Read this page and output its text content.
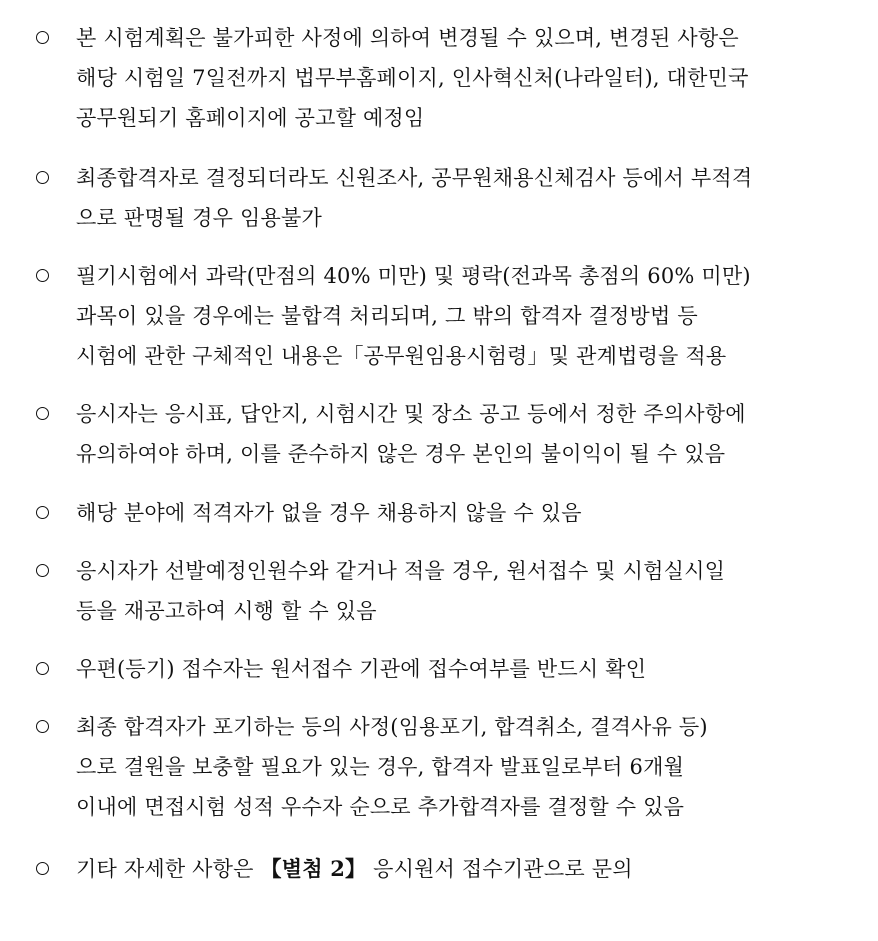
본 시험계획은 불가피한 사정에 의하여 변경될 수 있으며, 변경된 사항은
해당 시험일 7일전까지 법무부홈페이지, 인사혁신처(나라일터), 대한민국
공무원되기 홈페이지에 공고할 예정임
최종합격자로 결정되더라도 신원조사, 공무원채용신체검사 등에서 부적격
으로 판명될 경우 임용불가
필기시험에서 과락(만점의 40% 미만) 및 평락(전과목 총점의 60% 미만)
과목이 있을 경우에는 불합격 처리되며, 그 밖의 합격자 결정방법 등
시험에 관한 구체적인 내용은「공무원임용시험령」및 관계법령을 적용
응시자는 응시표, 답안지, 시험시간 및 장소 공고 등에서 정한 주의사항에
유의하여야 하며, 이를 준수하지 않은 경우 본인의 불이익이 될 수 있음
해당 분야에 적격자가 없을 경우 채용하지 않을 수 있음
응시자가 선발예정인원수와 같거나 적을 경우, 원서접수 및 시험실시일
등을 재공고하여 시행 할 수 있음
우편(등기) 접수자는 원서접수 기관에 접수여부를 반드시 확인
최종 합격자가 포기하는 등의 사정(임용포기, 합격취소, 결격사유 등)
으로 결원을 보충할 필요가 있는 경우, 합격자 발표일로부터 6개월
이내에 면접시험 성적 우수자 순으로 추가합격자를 결정할 수 있음
기타 자세한 사항은 【별첨 2】 응시원서 접수기관으로 문의
